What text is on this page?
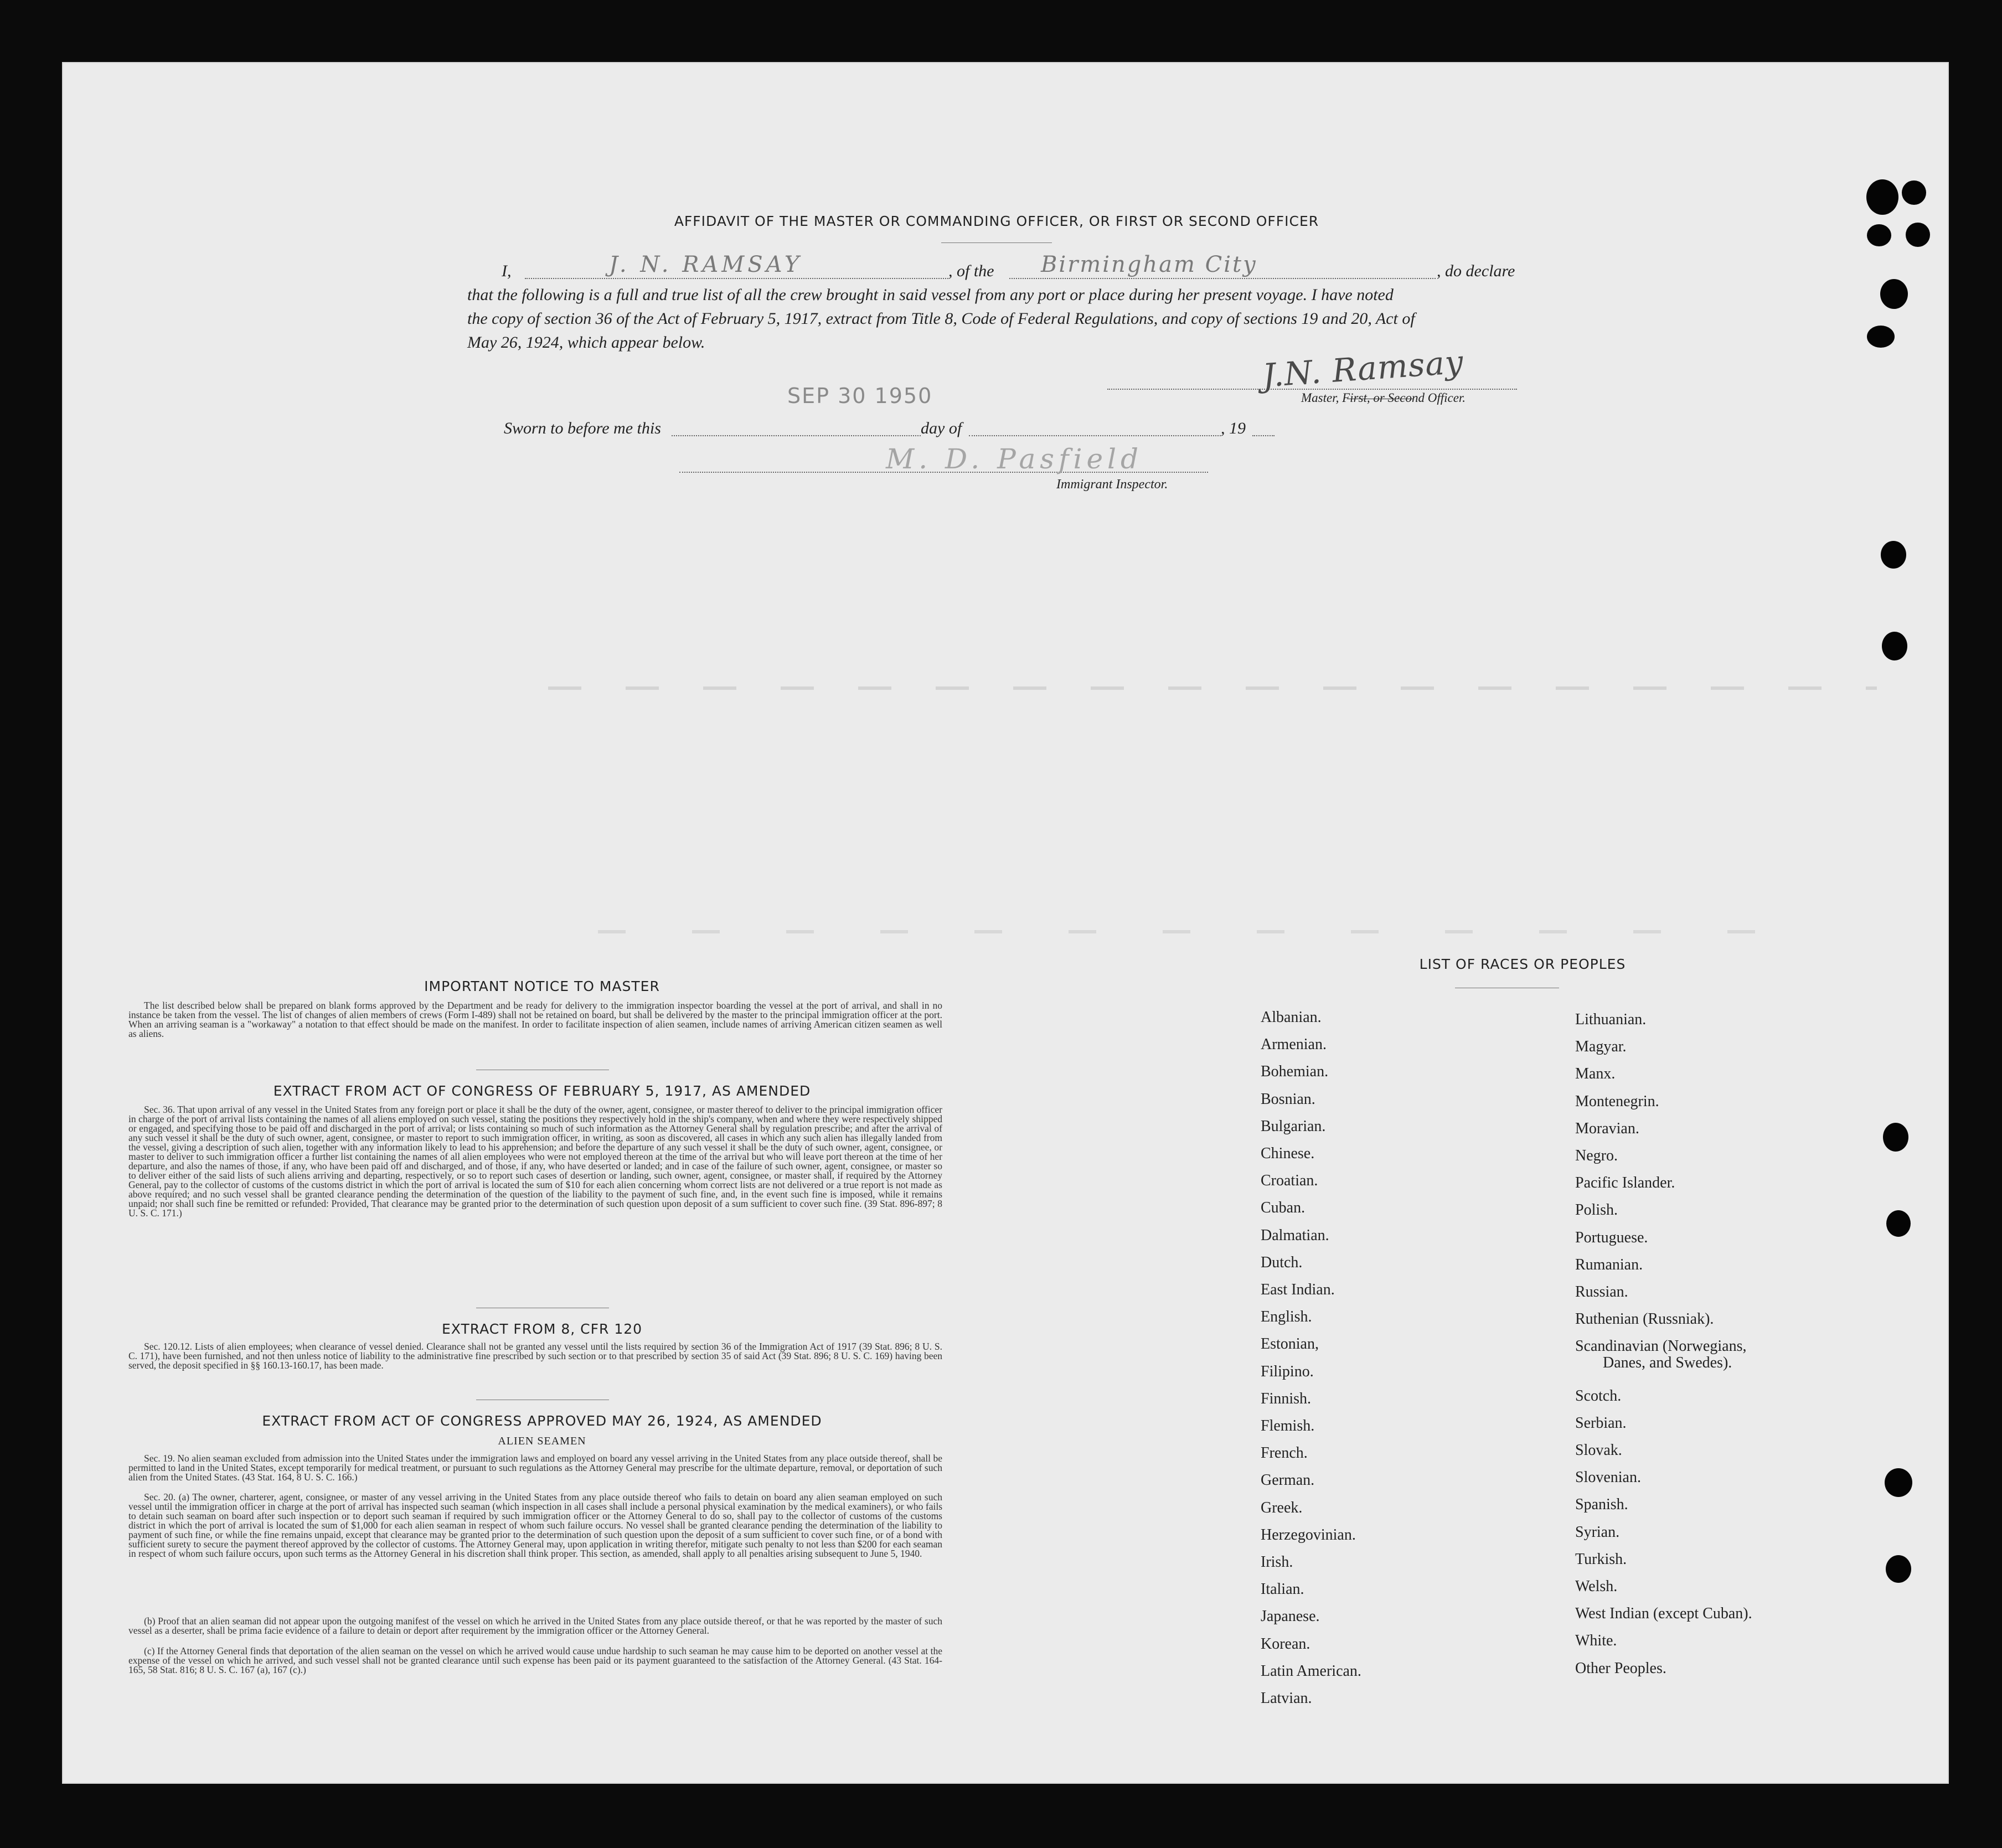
AFFIDAVIT OF THE MASTER OR COMMANDING OFFICER, OR FIRST OR SECOND OFFICER
I,	J. N. RAMSAY	, of the Birmingham City	, do declare
that the following is a full and true list of all the crew brought in said vessel from any port or place during her present voyage. I have noted
the copy of section 36 of the Act of February 5, 1917, extract from Title 8, Code of Federal Regulations, and copy of sections 19 and 20, Act of
May 26, 1924, which appear below.
SEP 30 1950
J.N. Ramsay
Master, First, or Second Officer.
Sworn to before me this	day of	, 19
M. D. Pasfield
Immigrant Inspector.
IMPORTANT NOTICE TO MASTER
The list described below shall be prepared on blank forms approved by the Department and be ready for delivery to the immigration inspector boarding the vessel at the port of arrival, and shall in no instance be taken from the vessel. The list of changes of alien members of crews (Form I-489) shall not be retained on board, but shall be delivered by the master to the principal immigration officer at the port. When an arriving seaman is a "workaway" a notation to that effect should be made on the manifest. In order to facilitate inspection of alien seamen, include names of arriving American citizen seamen as well as aliens.
EXTRACT FROM ACT OF CONGRESS OF FEBRUARY 5, 1917, AS AMENDED
Sec. 36. That upon arrival of any vessel in the United States from any foreign port or place it shall be the duty of the owner, agent, consignee, or master thereof to deliver to the principal immigration officer in charge of the port of arrival lists containing the names of all aliens employed on such vessel, stating the positions they respectively hold in the ship's company, when and where they were respectively shipped or engaged, and specifying those to be paid off and discharged in the port of arrival; or lists containing so much of such information as the Attorney General shall by regulation prescribe; and after the arrival of any such vessel it shall be the duty of such owner, agent, consignee, or master to report to such immigration officer, in writing, as soon as discovered, all cases in which any such alien has illegally landed from the vessel, giving a description of such alien, together with any information likely to lead to his apprehension; and before the departure of any such vessel it shall be the duty of such owner, agent, consignee, or master to deliver to such immigration officer a further list containing the names of all alien employees who were not employed thereon at the time of the arrival but who will leave port thereon at the time of her departure, and also the names of those, if any, who have been paid off and discharged, and of those, if any, who have deserted or landed; and in case of the failure of such owner, agent, consignee, or master so to deliver either of the said lists of such aliens arriving and departing, respectively, or so to report such cases of desertion or landing, such owner, agent, consignee, or master shall, if required by the Attorney General, pay to the collector of customs of the customs district in which the port of arrival is located the sum of $10 for each alien concerning whom correct lists are not delivered or a true report is not made as above required; and no such vessel shall be granted clearance pending the determination of the question of the liability to the payment of such fine, and, in the event such fine is imposed, while it remains unpaid; nor shall such fine be remitted or refunded: Provided, That clearance may be granted prior to the determination of such question upon deposit of a sum sufficient to cover such fine. (39 Stat. 896-897; 8 U. S. C. 171.)
EXTRACT FROM 8, CFR 120
Sec. 120.12. Lists of alien employees; when clearance of vessel denied. Clearance shall not be granted any vessel until the lists required by section 36 of the Immigration Act of 1917 (39 Stat. 896; 8 U. S. C. 171), have been furnished, and not then unless notice of liability to the administrative fine prescribed by such section or to that prescribed by section 35 of said Act (39 Stat. 896; 8 U. S. C. 169) having been served, the deposit specified in §§ 160.13-160.17, has been made.
EXTRACT FROM ACT OF CONGRESS APPROVED MAY 26, 1924, AS AMENDED
ALIEN SEAMEN
Sec. 19. No alien seaman excluded from admission into the United States under the immigration laws and employed on board any vessel arriving in the United States from any place outside thereof, shall be permitted to land in the United States, except temporarily for medical treatment, or pursuant to such regulations as the Attorney General may prescribe for the ultimate departure, removal, or deportation of such alien from the United States. (43 Stat. 164, 8 U. S. C. 166.)
Sec. 20. (a) The owner, charterer, agent, consignee, or master of any vessel arriving in the United States from any place outside thereof who fails to detain on board any alien seaman employed on such vessel until the immigration officer in charge at the port of arrival has inspected such seaman (which inspection in all cases shall include a personal physical examination by the medical examiners), or who fails to detain such seaman on board after such inspection or to deport such seaman if required by such immigration officer or the Attorney General to do so, shall pay to the collector of customs of the customs district in which the port of arrival is located the sum of $1,000 for each alien seaman in respect of whom such failure occurs. No vessel shall be granted clearance pending the determination of the liability to payment of such fine, or while the fine remains unpaid, except that clearance may be granted prior to the determination of such question upon the deposit of a sum sufficient to cover such fine, or of a bond with sufficient surety to secure the payment thereof approved by the collector of customs. The Attorney General may, upon application in writing therefor, mitigate such penalty to not less than $200 for each seaman in respect of whom such failure occurs, upon such terms as the Attorney General in his discretion shall think proper. This section, as amended, shall apply to all penalties arising subsequent to June 5, 1940.
(b) Proof that an alien seaman did not appear upon the outgoing manifest of the vessel on which he arrived in the United States from any place outside thereof, or that he was reported by the master of such vessel as a deserter, shall be prima facie evidence of a failure to detain or deport after requirement by the immigration officer or the Attorney General.
(c) If the Attorney General finds that deportation of the alien seaman on the vessel on which he arrived would cause undue hardship to such seaman he may cause him to be deported on another vessel at the expense of the vessel on which he arrived, and such vessel shall not be granted clearance until such expense has been paid or its payment guaranteed to the satisfaction of the Attorney General. (43 Stat. 164-165, 58 Stat. 816; 8 U. S. C. 167 (a), 167 (c).)
LIST OF RACES OR PEOPLES
Albanian.
Armenian.
Bohemian.
Bosnian.
Bulgarian.
Chinese.
Croatian.
Cuban.
Dalmatian.
Dutch.
East Indian.
English.
Estonian,
Filipino.
Finnish.
Flemish.
French.
German.
Greek.
Herzegovinian.
Irish.
Italian.
Japanese.
Korean.
Latin American.
Latvian.
Lithuanian.
Magyar.
Manx.
Montenegrin.
Moravian.
Negro.
Pacific Islander.
Polish.
Portuguese.
Rumanian.
Russian.
Ruthenian (Russniak).
Scandinavian (Norwegians,
Danes, and Swedes).
Scotch.
Serbian.
Slovak.
Slovenian.
Spanish.
Syrian.
Turkish.
Welsh.
West Indian (except Cuban).
White.
Other Peoples.
